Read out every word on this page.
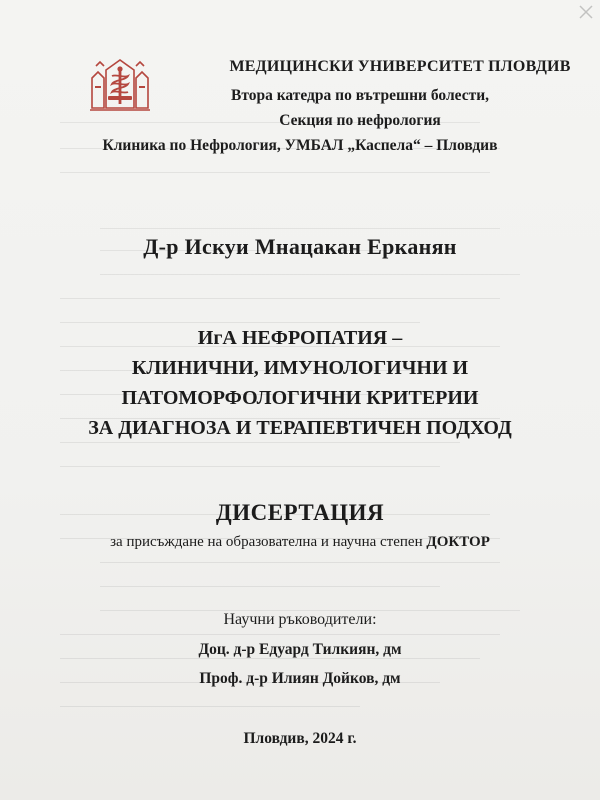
МЕДИЦИНСКИ УНИВЕРСИТЕТ ПЛОВДИВ
Втора катедра по вътрешни болести,
Секция по нефрология
Клиника по Нефрология, УМБАЛ „Каспела“ – Пловдив
Д-р Искуи Мнацакан Ерканян
ИгА НЕФРОПАТИЯ –
КЛИНИЧНИ, ИМУНОЛОГИЧНИ И
ПАТОМОРФОЛОГИЧНИ КРИТЕРИИ
ЗА ДИАГНОЗА И ТЕРАПЕВТИЧЕН ПОДХОД
ДИСЕРТАЦИЯ
за присъждане на образователна и научна степен ДОКТОР
Научни ръководители:
Доц. д-р Едуард Тилкиян, дм
Проф. д-р Илиян Дойков, дм
Пловдив, 2024 г.
